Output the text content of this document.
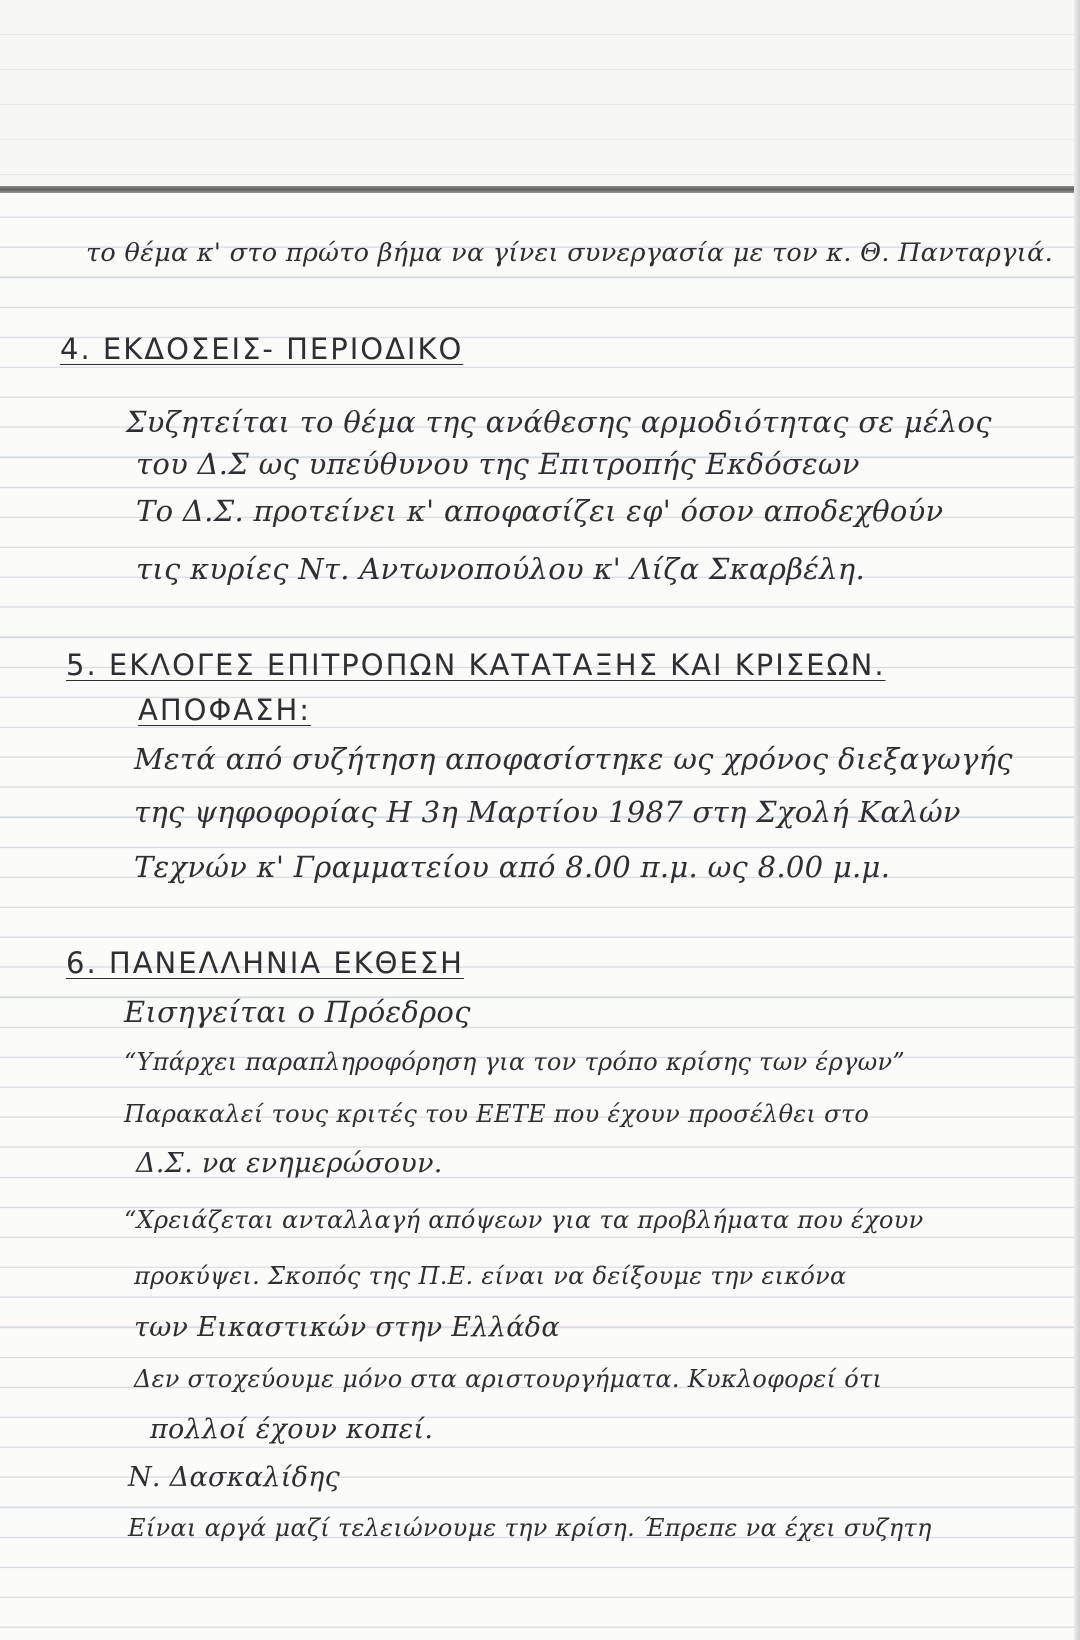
το θέμα κ' στο πρώτο βήμα να γίνει συνεργασία με τον κ. Θ. Πανταργιά.
4. ΕΚΔΟΣΕΙΣ- ΠΕΡΙΟΔΙΚΟ
Συζητείται το θέμα της ανάθεσης αρμοδιότητας σε μέλος
του Δ.Σ ως υπεύθυνου της Επιτροπής Εκδόσεων
Το Δ.Σ. προτείνει κ' αποφασίζει εφ' όσον αποδεχθούν
τις κυρίες Ντ. Αντωνοπούλου κ' Λίζα Σκαρβέλη.
5. ΕΚΛΟΓΕΣ ΕΠΙΤΡΟΠΩΝ ΚΑΤΑΤΑΞΗΣ ΚΑΙ ΚΡΙΣΕΩΝ.
ΑΠΟΦΑΣΗ:
Μετά από συζήτηση αποφασίστηκε ως χρόνος διεξαγωγής
της ψηφοφορίας Η 3η Μαρτίου 1987 στη Σχολή Καλών
Τεχνών κ' Γραμματείου από 8.00 π.μ. ως 8.00 μ.μ.
6. ΠΑΝΕΛΛΗΝΙΑ ΕΚΘΕΣΗ
Εισηγείται ο Πρόεδρος
“Υπάρχει παραπληροφόρηση για τον τρόπο κρίσης των έργων”
Παρακαλεί τους κριτές του ΕΕΤΕ που έχουν προσέλθει στο
Δ.Σ. να ενημερώσουν.
“Χρειάζεται ανταλλαγή απόψεων για τα προβλήματα που έχουν
προκύψει. Σκοπός της Π.Ε. είναι να δείξουμε την εικόνα
των Εικαστικών στην Ελλάδα
Δεν στοχεύουμε μόνο στα αριστουργήματα. Κυκλοφορεί ότι
πολλοί έχουν κοπεί.
Ν. Δασκαλίδης
Είναι αργά μαζί τελειώνουμε την κρίση. Έπρεπε να έχει συζητη
